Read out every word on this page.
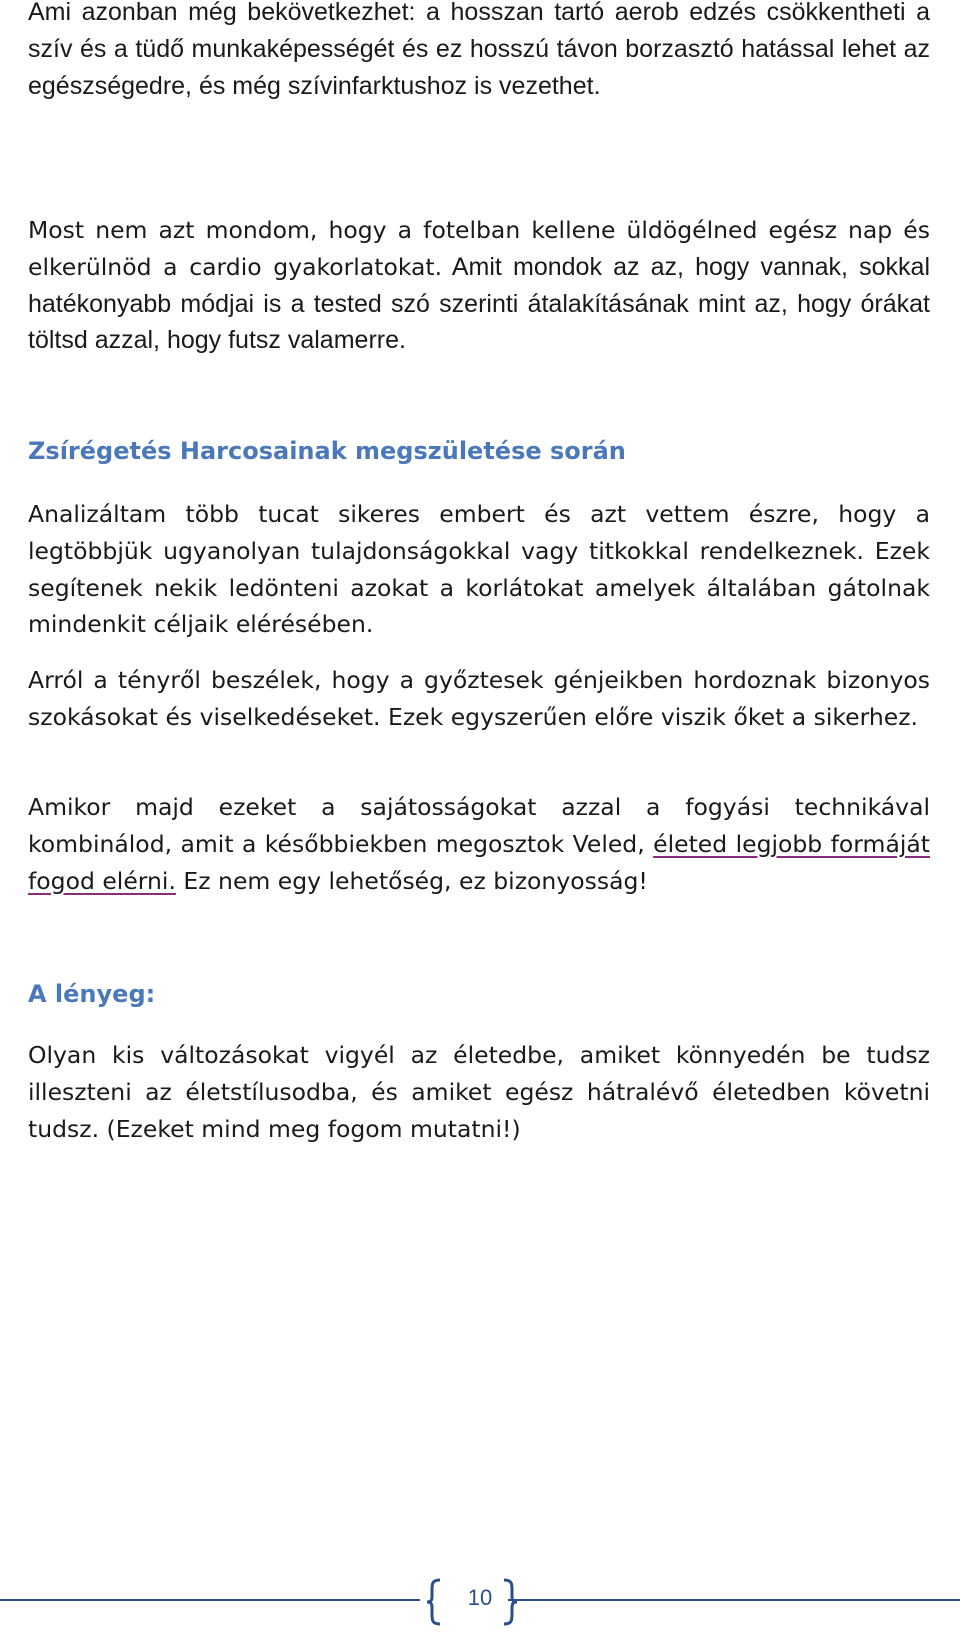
Ami azonban még bekövetkezhet: a hosszan tartó aerob edzés csökkentheti a szív és a tüdő munkaképességét és ez hosszú távon borzasztó hatással lehet az egészségedre, és még szívinfarktushoz is vezethet.

Most nem azt mondom, hogy a fotelban kellene üldögélned egész nap és elkerülnöd a cardio gyakorlatokat. Amit mondok az az, hogy vannak, sokkal hatékonyabb módjai is a tested szó szerinti átalakításának mint az, hogy órákat töltsd azzal, hogy futsz valamerre.

Zsírégetés Harcosainak megszületése során

Analizáltam több tucat sikeres embert és azt vettem észre, hogy a legtöbbjük ugyanolyan tulajdonságokkal vagy titkokkal rendelkeznek. Ezek segítenek nekik ledönteni azokat a korlátokat amelyek általában gátolnak mindenkit céljaik elérésében.

Arról a tényről beszélek, hogy a győztesek génjeikben hordoznak bizonyos szokásokat és viselkedéseket. Ezek egyszerűen előre viszik őket a sikerhez.

Amikor majd ezeket a sajátosságokat azzal a fogyási technikával kombinálod, amit a későbbiekben megosztok Veled, életed legjobb formáját fogod elérni. Ez nem egy lehetőség, ez bizonyosság!

A lényeg:

Olyan kis változásokat vigyél az életedbe, amiket könnyedén be tudsz illeszteni az életstílusodba, és amiket egész hátralévő életedben követni tudsz. (Ezeket mind meg fogom mutatni!)

10
